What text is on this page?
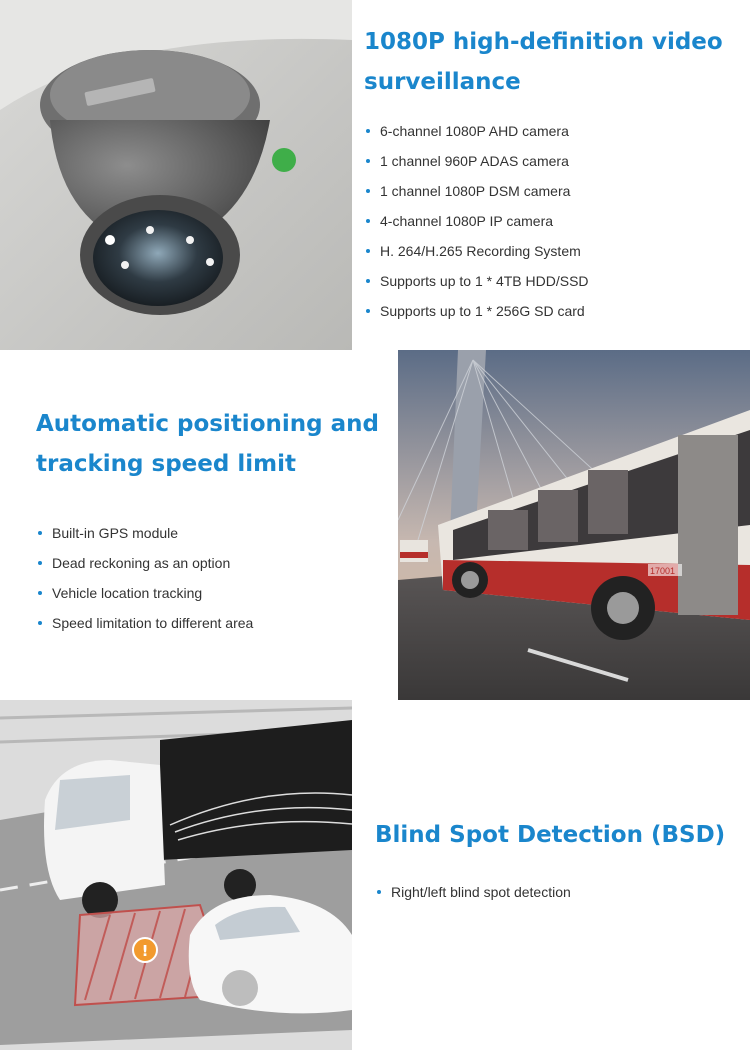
1080P high-definition video surveillance
6-channel 1080P AHD camera
1 channel 960P ADAS camera
1 channel 1080P DSM camera
4-channel 1080P IP camera
H. 264/H.265 Recording System
Supports up to 1 * 4TB HDD/SSD
Supports up to 1 * 256G SD card
Automatic positioning and tracking speed limit
Built-in GPS module
Dead reckoning as an option
Vehicle location tracking
Speed limitation to different area
17001
!
Blind Spot Detection (BSD)
Right/left blind spot detection
